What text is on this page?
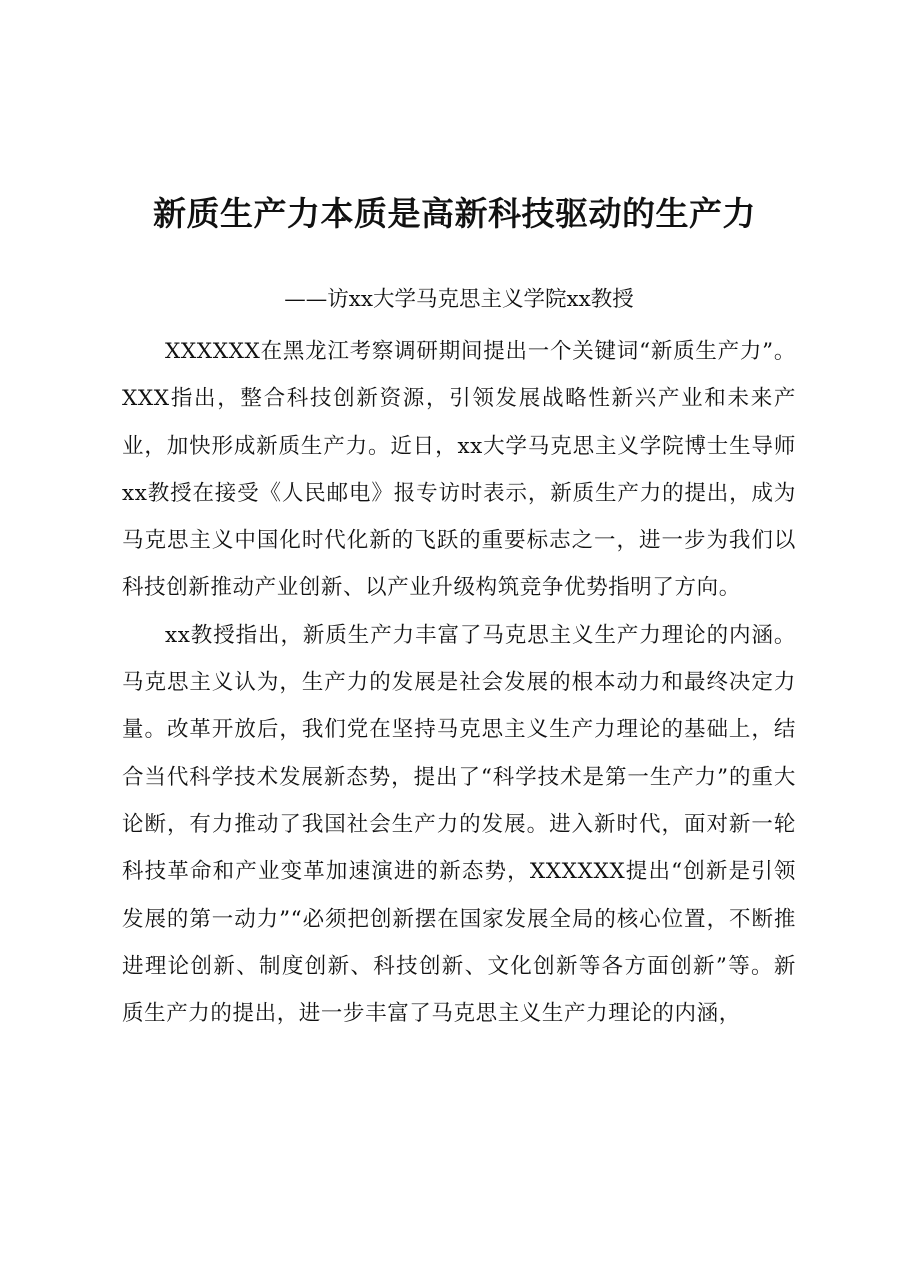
新质生产力本质是高新科技驱动的生产力
——访xx大学马克思主义学院xx教授

XXXXXX在黑龙江考察调研期间提出一个关键词“新质生产力”。XXX指出，整合科技创新资源，引领发展战略性新兴产业和未来产业，加快形成新质生产力。近日，xx大学马克思主义学院博士生导师xx教授在接受《人民邮电》报专访时表示，新质生产力的提出，成为马克思主义中国化时代化新的飞跃的重要标志之一，进一步为我们以科技创新推动产业创新、以产业升级构筑竞争优势指明了方向。

xx教授指出，新质生产力丰富了马克思主义生产力理论的内涵。马克思主义认为，生产力的发展是社会发展的根本动力和最终决定力量。改革开放后，我们党在坚持马克思主义生产力理论的基础上，结合当代科学技术发展新态势，提出了“科学技术是第一生产力”的重大论断，有力推动了我国社会生产力的发展。进入新时代，面对新一轮科技革命和产业变革加速演进的新态势，XXXXXX提出“创新是引领发展的第一动力”“必须把创新摆在国家发展全局的核心位置，不断推进理论创新、制度创新、科技创新、文化创新等各方面创新”等。新质生产力的提出，进一步丰富了马克思主义生产力理论的内涵，
